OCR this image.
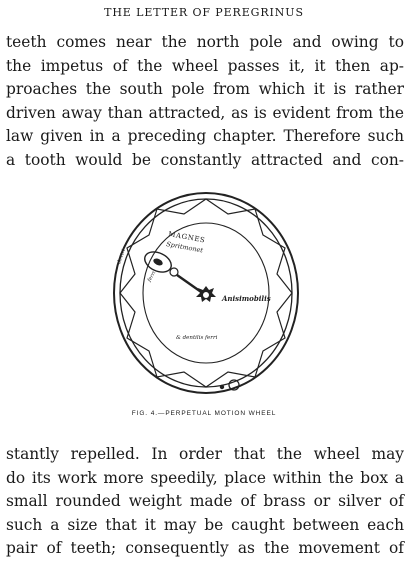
THE LETTER OF PEREGRINUS
teeth comes near the north pole and owing to
the impetus of the wheel passes it, it then ap-
proaches the south pole from which it is rather
driven away than attracted, as is evident from the
law given in a preceding chapter. Therefore such
a tooth would be constantly attracted and con-
MAGNES
Spritmonet
Anisimobilis
& dentilis ferri
dextri
ferri
FIG. 4.—PERPETUAL MOTION WHEEL
stantly repelled. In order that the wheel may
do its work more speedily, place within the box a
small rounded weight made of brass or silver of
such a size that it may be caught between each
pair of teeth; consequently as the movement of
